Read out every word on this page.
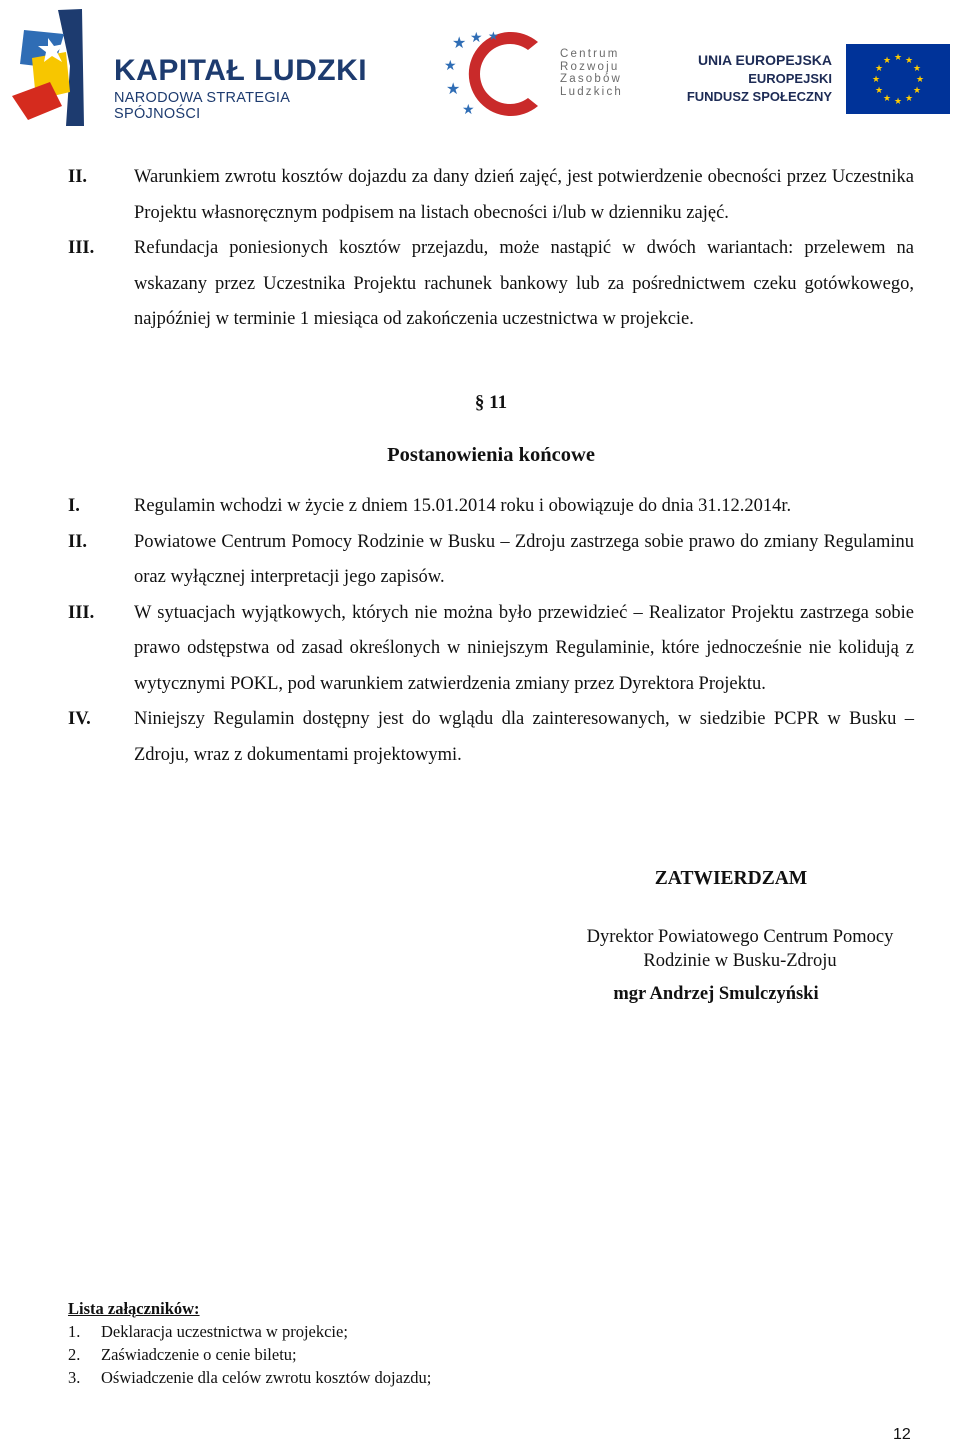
KAPITAŁ LUDZKI
NARODOWA STRATEGIA SPÓJNOŚCI
★ ★ ★
★
★
★
Centrum
Rozwoju
Zasobów
Ludzkich
UNIA EUROPEJSKA
EUROPEJSKI
FUNDUSZ SPOŁECZNY
★ ★
★
★
★
★
★
★
★
★
★
★
II.	Warunkiem zwrotu kosztów dojazdu za dany dzień zajęć, jest potwierdzenie obecności przez Uczestnika Projektu własnoręcznym podpisem na listach obecności i/lub w dzienniku zajęć.
III.	Refundacja poniesionych kosztów przejazdu, może nastąpić w dwóch wariantach: przelewem na wskazany przez Uczestnika Projektu rachunek bankowy lub za pośrednictwem czeku gotówkowego, najpóźniej w terminie 1 miesiąca od zakończenia uczestnictwa w projekcie.
§ 11
Postanowienia końcowe
I.	Regulamin wchodzi w życie z dniem 15.01.2014 roku i obowiązuje do dnia 31.12.2014r.
II.	Powiatowe Centrum Pomocy Rodzinie w Busku – Zdroju zastrzega sobie prawo do zmiany Regulaminu oraz wyłącznej interpretacji jego zapisów.
III.	W sytuacjach wyjątkowych, których nie można było przewidzieć – Realizator Projektu zastrzega sobie prawo odstępstwa od zasad określonych w niniejszym Regulaminie, które jednocześnie nie kolidują z wytycznymi POKL, pod warunkiem zatwierdzenia zmiany przez Dyrektora Projektu.
IV.	Niniejszy Regulamin dostępny jest do wglądu dla zainteresowanych, w siedzibie PCPR w Busku – Zdroju, wraz z dokumentami projektowymi.
ZATWIERDZAM
Dyrektor Powiatowego Centrum Pomocy
Rodzinie w Busku-Zdroju
mgr Andrzej Smulczyński
Lista załączników:
1.	Deklaracja uczestnictwa w projekcie;
2.	Zaświadczenie o cenie biletu;
3.	Oświadczenie dla celów zwrotu kosztów dojazdu;
12
